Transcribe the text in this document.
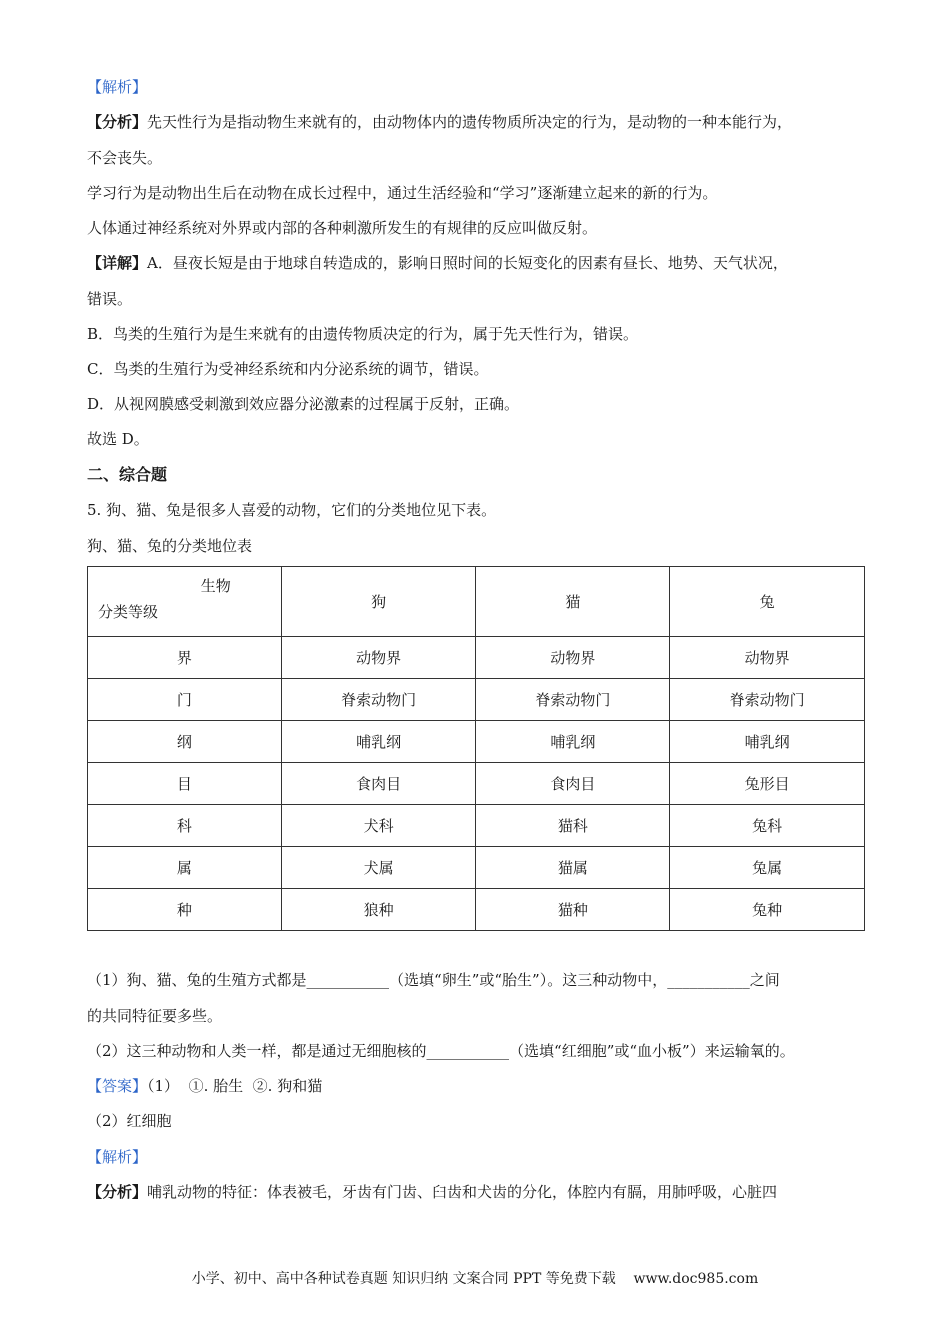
【解析】
【分析】先天性行为是指动物生来就有的，由动物体内的遗传物质所决定的行为，是动物的一种本能行为，
不会丧失。
学习行为是动物出生后在动物在成长过程中，通过生活经验和“学习”逐渐建立起来的新的行为。
人体通过神经系统对外界或内部的各种刺激所发生的有规律的反应叫做反射。
【详解】A．昼夜长短是由于地球自转造成的，影响日照时间的长短变化的因素有昼长、地势、天气状况，
错误。
B．鸟类的生殖行为是生来就有的由遗传物质决定的行为，属于先天性行为，错误。
C．鸟类的生殖行为受神经系统和内分泌系统的调节，错误。
D．从视网膜感受刺激到效应器分泌激素的过程属于反射，正确。
故选 D。
二、综合题
5. 狗、猫、兔是很多人喜爱的动物，它们的分类地位见下表。
狗、猫、兔的分类地位表
生物
分类等级	狗	猫	兔
界	动物界	动物界	动物界
门	脊索动物门	脊索动物门	脊索动物门
纲	哺乳纲	哺乳纲	哺乳纲
目	食肉目	食肉目	兔形目
科	犬科	猫科	兔科
属	犬属	猫属	兔属
种	狼种	猫种	兔种
（1）狗、猫、兔的生殖方式都是___________（选填“卵生”或“胎生”）。这三种动物中，___________之间
的共同特征要多些。
（2）这三种动物和人类一样，都是通过无细胞核的___________（选填“红细胞”或“血小板”）来运输氧的。
【答案】（1）  ①. 胎生  ②. 狗和猫
（2）红细胞
【解析】
【分析】哺乳动物的特征：体表被毛，牙齿有门齿、臼齿和犬齿的分化，体腔内有膈，用肺呼吸，心脏四
小学、初中、高中各种试卷真题 知识归纳 文案合同 PPT 等免费下载    www.doc985.com
